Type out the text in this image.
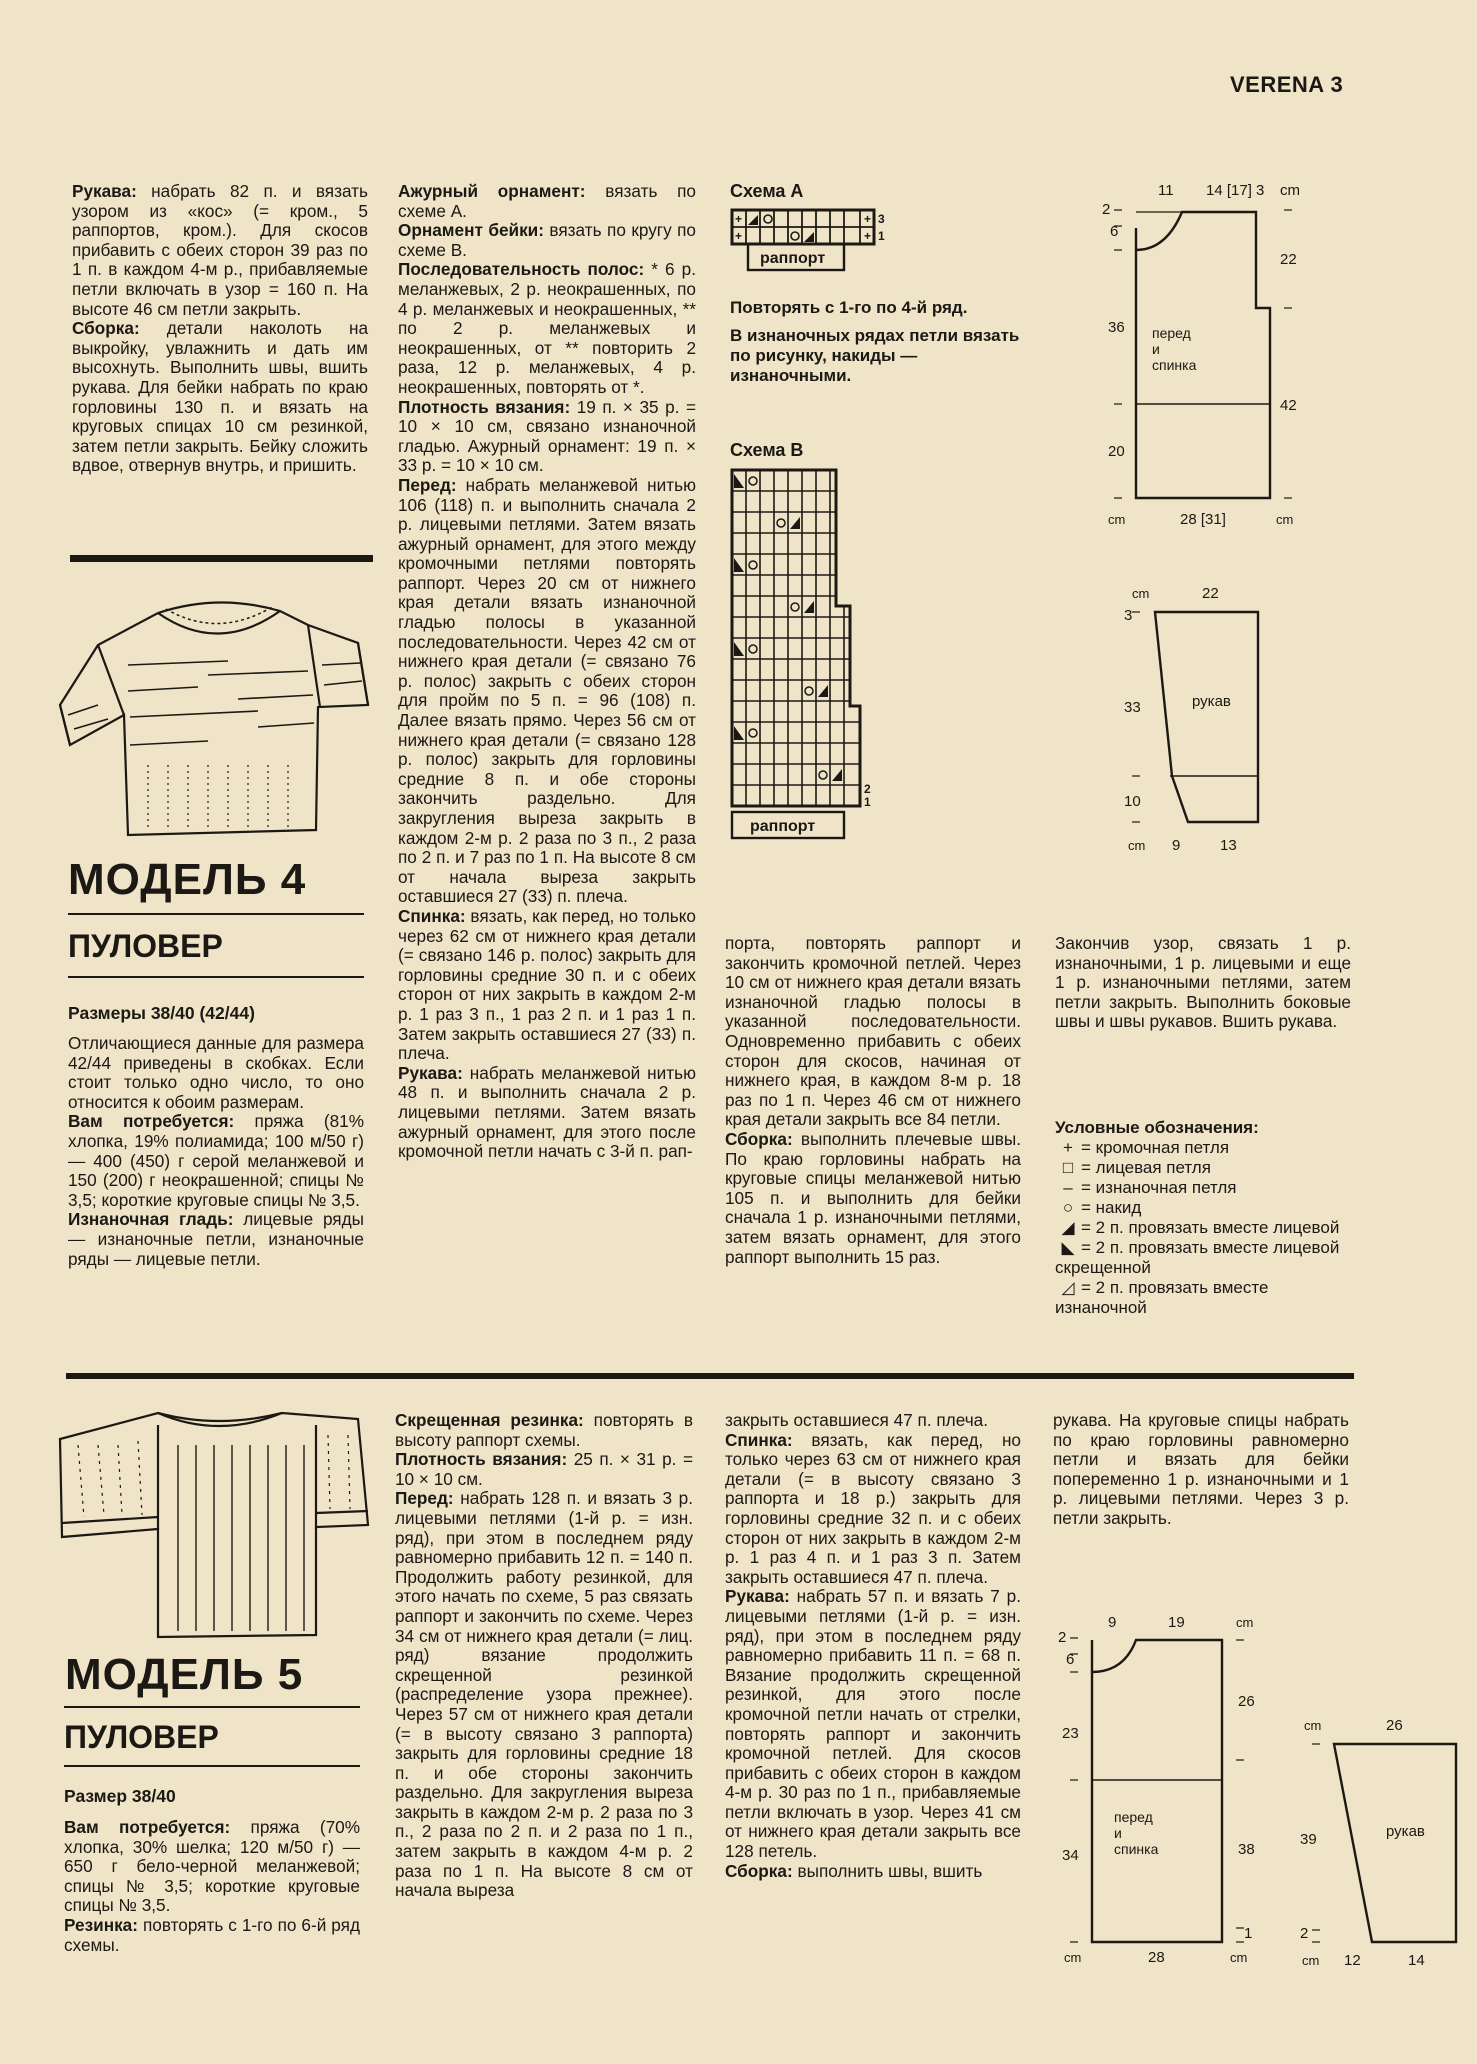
VERENA 3

Рукава: набрать 82 п. и вязать узором из «кос» (= кром., 5 раппортов, кром.). Для скосов прибавить с обеих сторон 39 раз по 1 п. в каждом 4-м р., прибавляемые петли включать в узор = 160 п. На высоте 46 см петли закрыть.

Сборка: детали наколоть на выкройку, увлажнить и дать им высохнуть. Выполнить швы, вшить рукава. Для бейки набрать по краю горловины 130 п. и вязать на круговых спицах 10 см резинкой, затем петли закрыть. Бейку сложить вдвое, отвернув внутрь, и пришить.

МОДЕЛЬ 4
ПУЛОВЕР
Размеры 38/40 (42/44)

Отличающиеся данные для размера 42/44 приведены в скобках. Если стоит только одно число, то оно относится к обоим размерам.

Вам потребуется: пряжа (81% хлопка, 19% полиамида; 100 м/50 г) — 400 (450) г серой меланжевой и 150 (200) г неокрашенной; спицы № 3,5; короткие круговые спицы № 3,5.

Изнаночная гладь: лицевые ряды — изнаночные петли, изнаночные ряды — лицевые петли.

Ажурный орнамент: вязать по схеме А.

Орнамент бейки: вязать по кругу по схеме В.

Последовательность полос: * 6 р. меланжевых, 2 р. неокрашенных, по 4 р. меланжевых и неокрашенных, ** по 2 р. меланжевых и неокрашенных, от ** повторить 2 раза, 12 р. меланжевых, 4 р. неокрашенных, повторять от *.

Плотность вязания: 19 п. × 35 р. = 10 × 10 см, связано изнаночной гладью. Ажурный орнамент: 19 п. × 33 р. = 10 × 10 см.

Перед: набрать меланжевой нитью 106 (118) п. и выполнить сначала 2 р. лицевыми петлями. Затем вязать ажурный орнамент, для этого между кромочными петлями повторять раппорт. Через 20 см от нижнего края детали вязать изнаночной гладью полосы в указанной последовательности. Через 42 см от нижнего края детали (= связано 76 р. полос) закрыть с обеих сторон для пройм по 5 п. = 96 (108) п. Далее вязать прямо. Через 56 см от нижнего края детали (= связано 128 р. полос) закрыть для горловины средние 8 п. и обе стороны закончить раздельно. Для закругления выреза закрыть в каждом 2-м р. 2 раза по 3 п., 2 раза по 2 п. и 7 раз по 1 п. На высоте 8 см от начала выреза закрыть оставшиеся 27 (33) п. плеча.

Спинка: вязать, как перед, но только через 62 см от нижнего края детали (= связано 146 р. полос) закрыть для горловины средние 30 п. и с обеих сторон от них закрыть в каждом 2-м р. 1 раз 3 п., 1 раз 2 п. и 1 раз 1 п. Затем закрыть оставшиеся 27 (33) п. плеча.

Рукава: набрать меланжевой нитью 48 п. и выполнить сначала 2 р. лицевыми петлями. Затем вязать ажурный орнамент, для этого после кромочной петли начать с 3-й п. рап-

Схема А
+
+
+
+
3
1
раппорт
Повторять с 1-го по 4-й ряд.
В изнаночных рядах петли вязать по рисунку, накиды — изнаночными.
Схема В
2
1
раппорт

порта, повторять раппорт и закончить кромочной петлей. Через 10 см от нижнего края детали вязать изнаночной гладью полосы в указанной последовательности. Одновременно прибавить с обеих сторон для скосов, начиная от нижнего края, в каждом 8-м р. 18 раз по 1 п. Через 46 см от нижнего края детали закрыть все 84 петли.

Сборка: выполнить плечевые швы. По краю горловины набрать на круговые спицы меланжевой нитью 105 п. и выполнить для бейки сначала 1 р. изнаночными петлями, затем вязать орнамент, для этого раппорт выполнить 15 раз.

11 14 [17] 3 cm
2
6
36
20
22
42
перед
и
спинка
cm	28 [31]	cm
cm	22
3
33
10
рукав
cm 9	13

Закончив узор, связать 1 р. изнаночными, 1 р. лицевыми и еще 1 р. изнаночными петлями, затем петли закрыть. Выполнить боковые швы и швы рукавов. Вшить рукава.

Условные обозначения:
+ = кромочная петля
□ = лицевая петля
– = изнаночная петля
○ = накид
◢ = 2 п. провязать вместе лицевой
◣ = 2 п. провязать вместе лицевой скрещенной
◿ = 2 п. провязать вместе изнаночной
МОДЕЛЬ 5
ПУЛОВЕР
Размер 38/40

Вам потребуется: пряжа (70% хлопка, 30% шелка; 120 м/50 г) — 650 г бело-черной меланжевой; спицы № 3,5; короткие круговые спицы № 3,5.

Резинка: повторять с 1-го по 6-й ряд схемы.

Скрещенная резинка: повторять в высоту раппорт схемы.

Плотность вязания: 25 п. × 31 р. = 10 × 10 см.

Перед: набрать 128 п. и вязать 3 р. лицевыми петлями (1-й р. = изн. ряд), при этом в последнем ряду равномерно прибавить 12 п. = 140 п. Продолжить работу резинкой, для этого начать по схеме, 5 раз связать раппорт и закончить по схеме. Через 34 см от нижнего края детали (= лиц. ряд) вязание продолжить скрещенной резинкой (распределение узора прежнее). Через 57 см от нижнего края детали (= в высоту связано 3 раппорта) закрыть для горловины средние 18 п. и обе стороны закончить раздельно. Для закругления выреза закрыть в каждом 2-м р. 2 раза по 3 п., 2 раза по 2 п. и 2 раза по 1 п., затем закрыть в каждом 4-м р. 2 раза по 1 п. На высоте 8 см от начала выреза

закрыть оставшиеся 47 п. плеча.

Спинка: вязать, как перед, но только через 63 см от нижнего края детали (= в высоту связано 3 раппорта и 18 р.) закрыть для горловины средние 32 п. и с обеих сторон от них закрыть в каждом 2-м р. 1 раз 4 п. и 1 раз 3 п. Затем закрыть оставшиеся 47 п. плеча.

Рукава: набрать 57 п. и вязать 7 р. лицевыми петлями (1-й р. = изн. ряд), при этом в последнем ряду равномерно прибавить 11 п. = 68 п. Вязание продолжить скрещенной резинкой, для этого после кромочной петли начать от стрелки, повторять раппорт и закончить кромочной петлей. Для скосов прибавить с обеих сторон в каждом 4-м р. 30 раз по 1 п., прибавляемые петли включать в узор. Через 41 см от нижнего края детали закрыть все 128 петель.

Сборка: выполнить швы, вшить

рукава. На круговые спицы набрать по краю горловины равномерно петли и вязать для бейки попеременно 1 р. изнаночными и 1 р. лицевыми петлями. Через 3 р. петли закрыть.

9	19	cm
2
6
23
34
26
38
1
перед
и
спинка
cm	28	cm
cm	26
39
2
рукав
cm 12	14
